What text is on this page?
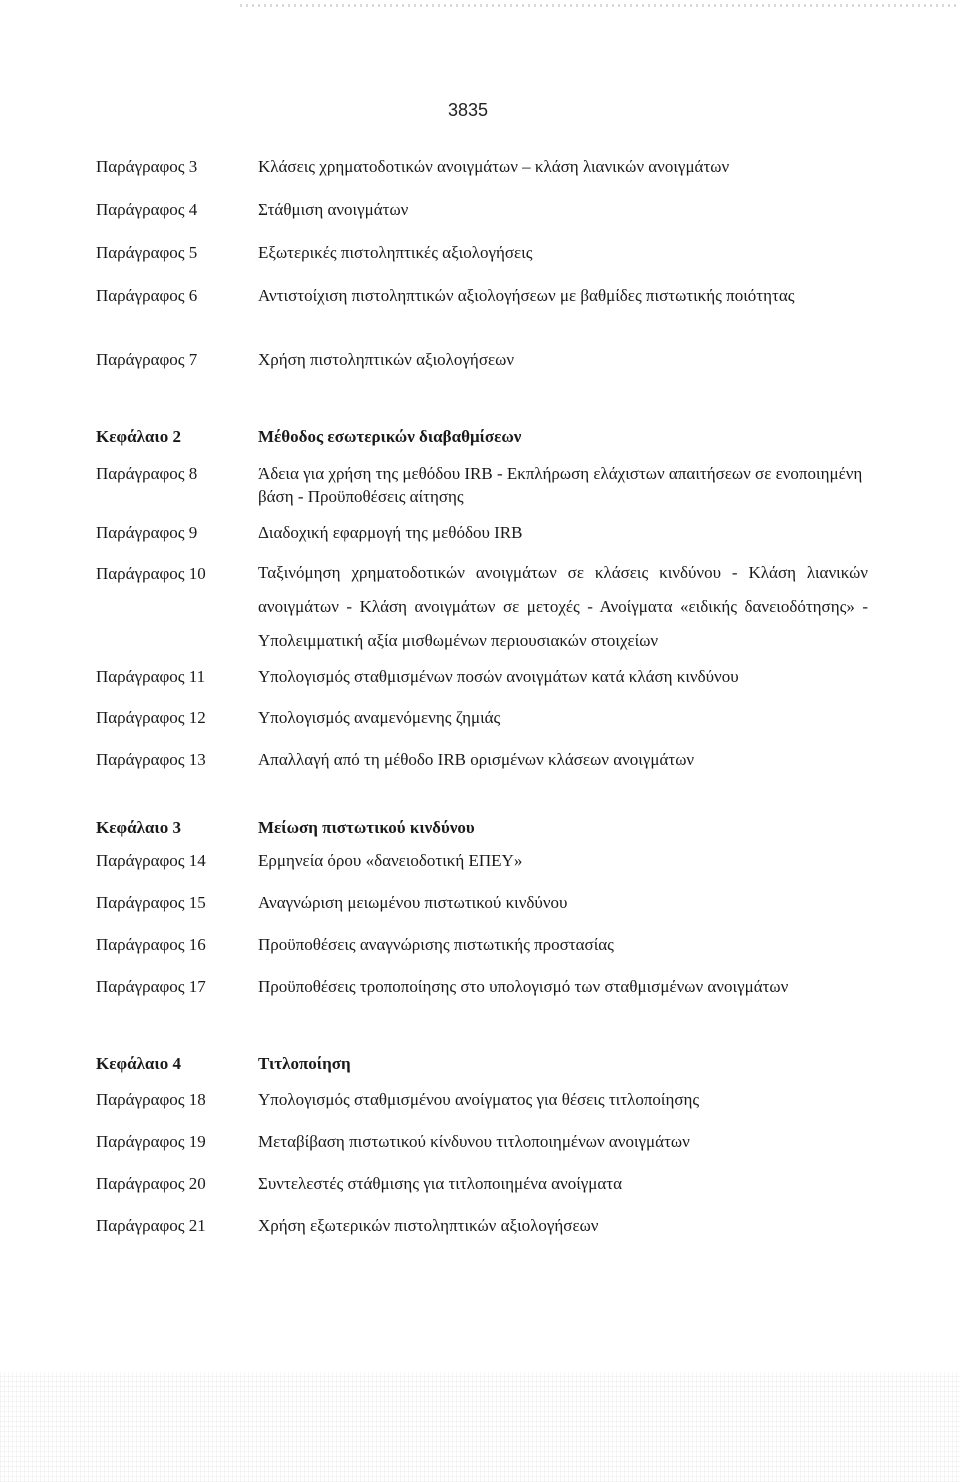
3835
Παράγραφος 3	Κλάσεις χρηματοδοτικών ανοιγμάτων – κλάση λιανικών ανοιγμάτων
Παράγραφος 4	Στάθμιση ανοιγμάτων
Παράγραφος 5	Εξωτερικές πιστοληπτικές αξιολογήσεις
Παράγραφος 6	Αντιστοίχιση πιστοληπτικών αξιολογήσεων με βαθμίδες πιστωτικής ποιότητας
Παράγραφος 7	Χρήση πιστοληπτικών αξιολογήσεων
Κεφάλαιο 2	Μέθοδος εσωτερικών διαβαθμίσεων
Παράγραφος 8	Άδεια για χρήση της μεθόδου IRB - Εκπλήρωση ελάχιστων απαιτήσεων σε ενοποιημένη βάση - Προϋποθέσεις αίτησης
Παράγραφος 9	Διαδοχική εφαρμογή της μεθόδου IRB
Παράγραφος 10	Ταξινόμηση χρηματοδοτικών ανοιγμάτων σε κλάσεις κινδύνου - Κλάση λιανικών ανοιγμάτων - Κλάση ανοιγμάτων σε μετοχές - Ανοίγματα «ειδικής δανειοδότησης» - Υπολειμματική αξία μισθωμένων περιουσιακών στοιχείων
Παράγραφος 11	Υπολογισμός σταθμισμένων ποσών ανοιγμάτων κατά κλάση κινδύνου
Παράγραφος 12	Υπολογισμός αναμενόμενης ζημιάς
Παράγραφος 13	Απαλλαγή από τη μέθοδο IRB ορισμένων κλάσεων ανοιγμάτων
Κεφάλαιο 3	Μείωση πιστωτικού κινδύνου
Παράγραφος 14	Ερμηνεία όρου «δανειοδοτική ΕΠΕΥ»
Παράγραφος 15	Αναγνώριση μειωμένου πιστωτικού κινδύνου
Παράγραφος 16	Προϋποθέσεις αναγνώρισης πιστωτικής προστασίας
Παράγραφος 17	Προϋποθέσεις τροποποίησης στο υπολογισμό των σταθμισμένων ανοιγμάτων
Κεφάλαιο 4	Τιτλοποίηση
Παράγραφος 18	Υπολογισμός σταθμισμένου ανοίγματος για θέσεις τιτλοποίησης
Παράγραφος 19	Μεταβίβαση πιστωτικού κίνδυνου τιτλοποιημένων ανοιγμάτων
Παράγραφος 20	Συντελεστές στάθμισης για τιτλοποιημένα ανοίγματα
Παράγραφος 21	Χρήση εξωτερικών πιστοληπτικών αξιολογήσεων
